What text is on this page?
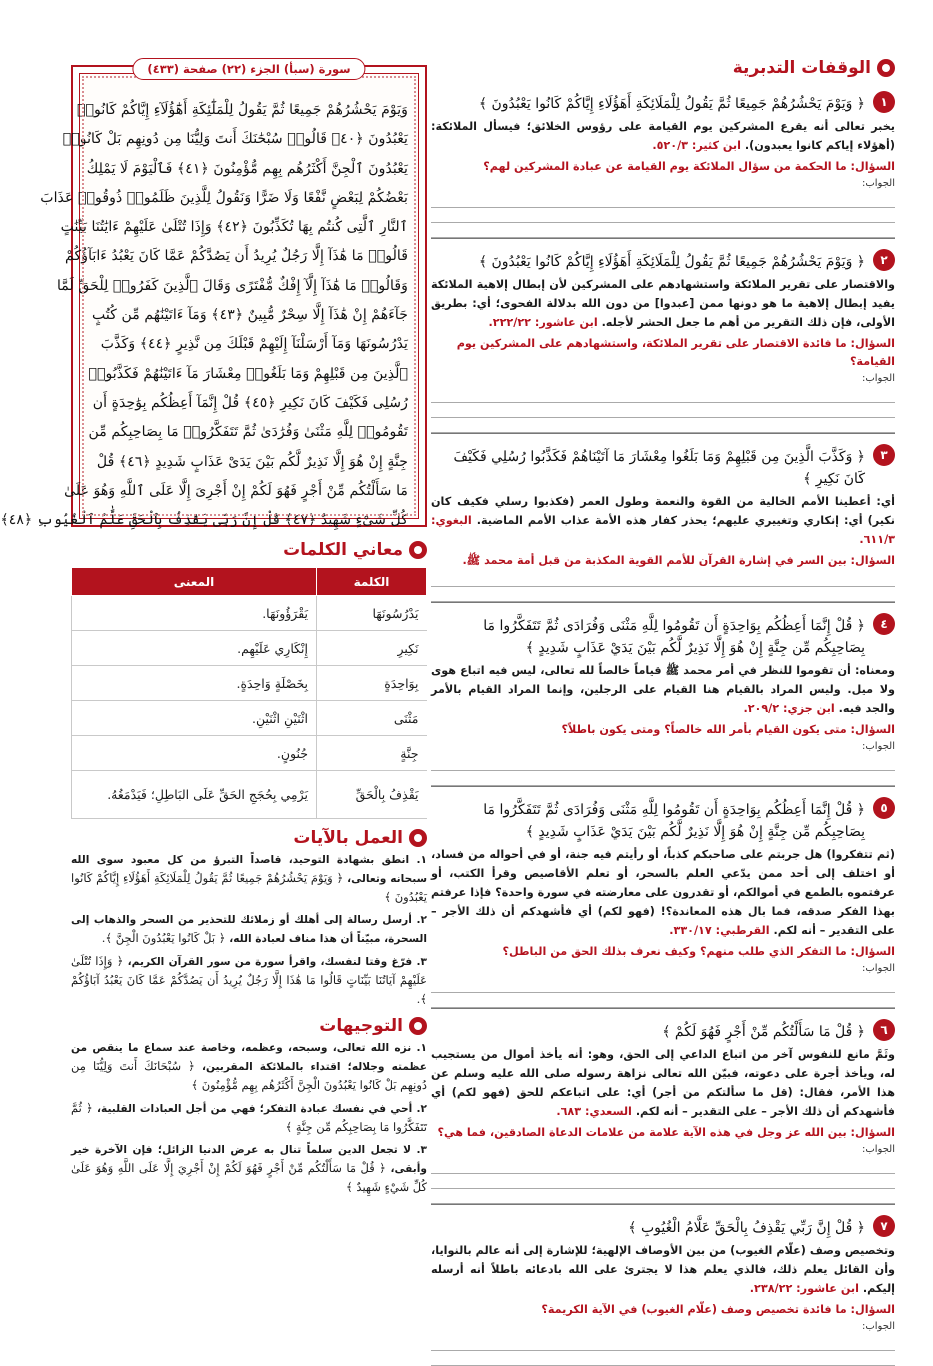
الوقفات التدبرية
١
﴿ وَيَوْمَ يَحْشُرُهُمْ جَمِيعًا ثُمَّ يَقُولُ لِلْمَلَائِكَةِ أَهَؤُلَاءِ إِيَّاكُمْ كَانُوا يَعْبُدُونَ ﴾
يخبر تعالى أنه يقرع المشركين يوم القيامة على رؤوس الخلائق؛ فيسأل الملائكة: (أهؤلاء إياكم كانوا يعبدون). ابن كثير: ٥٢٠/٣.
السؤال: ما الحكمة من سؤال الملائكة يوم القيامة عن عبادة المشركين لهم؟
الجواب:
٢
﴿ وَيَوْمَ يَحْشُرُهُمْ جَمِيعًا ثُمَّ يَقُولُ لِلْمَلَائِكَةِ أَهَؤُلَاءِ إِيَّاكُمْ كَانُوا يَعْبُدُونَ ﴾
والاقتصار على تقرير الملائكة واستشهادهم على المشركين لأن إبطال إلاهية الملائكة يفيد إبطال إلاهية ما هو دونها ممن [عبدوا] من دون الله بدلالة الفحوى؛ أي: بطريق الأولى، فإن ذلك التقرير من أهم ما جعل الحشر لأجله. ابن عاشور: ٢٢٢/٢٢.
السؤال: ما فائدة الاقتصار على تقرير الملائكة، واستشهادهم على المشركين يوم القيامة؟
الجواب:
٣
﴿ وَكَذَّبَ الَّذِينَ مِن قَبْلِهِمْ وَمَا بَلَغُوا مِعْشَارَ مَا آتَيْنَاهُمْ فَكَذَّبُوا رُسُلِي فَكَيْفَ كَانَ نَكِيرِ ﴾
أي: أعطينا الأمم الخالية من القوة والنعمة وطول العمر (فكذبوا رسلي فكيف كان نكير) أي: إنكاري وتغييري عليهم؛ يحذر كفار هذه الأمة عذاب الأمم الماضية. البغوي: ٦١١/٣.
السؤال: بين السر في إشارة القرآن للأمم القوية المكذبة من قبل أمة محمد ﷺ.
٤
﴿ قُلْ إِنَّمَا أَعِظُكُم بِوَاحِدَةٍ أَن تَقُومُوا لِلَّهِ مَثْنَى وَفُرَادَى ثُمَّ تَتَفَكَّرُوا مَا بِصَاحِبِكُم مِّن جِنَّةٍ إِنْ هُوَ إِلَّا نَذِيرٌ لَّكُم بَيْنَ يَدَيْ عَذَابٍ شَدِيدٍ ﴾
ومعناه: أن تقوموا للنظر في أمر محمد ﷺ قياماً خالصاً لله تعالى، ليس فيه اتباع هوى ولا ميل. وليس المراد بالقيام هنا القيام على الرجلين، وإنما المراد القيام بالأمر والجد فيه. ابن جزي: ٢٠٩/٢.
السؤال: متى يكون القيام بأمر الله خالصاً؟ ومتى يكون باطلاً؟
الجواب:
٥
﴿ قُلْ إِنَّمَا أَعِظُكُم بِوَاحِدَةٍ أَن تَقُومُوا لِلَّهِ مَثْنَى وَفُرَادَى ثُمَّ تَتَفَكَّرُوا مَا بِصَاحِبِكُم مِّن جِنَّةٍ إِنْ هُوَ إِلَّا نَذِيرٌ لَّكُم بَيْنَ يَدَيْ عَذَابٍ شَدِيدٍ ﴾
(ثم تتفكروا) هل جربتم على صاحبكم كذباً، أو رأيتم فيه جنة، أو في أحواله من فساد، أو اختلف إلى أحد ممن يدّعي العلم بالسحر، أو تعلم الأقاصيص وقرأ الكتب، أو عرفتموه بالطمع في أموالكم، أو تقدرون على معارضته في سورة واحدة؟ فإذا عرفتم بهذا الفكر صدقه، فما بال هذه المعاندة؟! (فهو لكم) أي فأشهدكم أن ذلك الأجر – على التقدير – أنه لكم. القرطبي: ٣٣٠/١٧.
السؤال: ما التفكر الذي طلب منهم؟ وكيف نعرف بذلك الحق من الباطل؟
الجواب:
٦
﴿ قُلْ مَا سَأَلْتُكُم مِّنْ أَجْرٍ فَهُوَ لَكُمْ ﴾
وثَمَّ مانع للنفوس آخر من اتباع الداعي إلى الحق، وهو: أنه يأخذ أموال من يستجيب له، ويأخذ أجرة على دعوته، فبيّن الله تعالى نزاهة رسوله صلى الله عليه وسلم عن هذا الأمر، فقال: (قل ما سألتكم من أجر) أي: على اتباعكم للحق (فهو لكم) أي فأشهدكم أن ذلك الأجر – على التقدير – أنه لكم. السعدي: ٦٨٣.
السؤال: بين الله عز وجل في هذه الآية علامة من علامات الدعاة الصادقين، فما هي؟
الجواب:
٧
﴿ قُلْ إِنَّ رَبِّي يَقْذِفُ بِالْحَقِّ عَلَّامُ الْغُيُوبِ ﴾
وتخصيص وصف (علّام الغيوب) من بين الأوصاف الإلهية؛ للإشارة إلى أنه عالم بالنوايا، وأن القائل يعلم ذلك، فالذي يعلم هذا لا يجترئ على الله بادعائه باطلاً أنه أرسله إليكم. ابن عاشور: ٢٣٨/٢٢.
السؤال: ما فائدة تخصيص وصف (علّام الغيوب) في الآية الكريمة؟
الجواب:
سورة (سبأ) الجزء (٢٢) صفحة (٤٣٣)
وَيَوْمَ يَحْشُرُهُمْ جَمِيعًا ثُمَّ يَقُولُ لِلْمَلَٰٓئِكَةِ أَهَٰٓؤُلَآءِ إِيَّاكُمْ كَانُوا۟
يَعْبُدُونَ ﴿٤٠﴾ قَالُوا۟ سُبْحَٰنَكَ أَنتَ وَلِيُّنَا مِن دُونِهِم بَلْ كَانُوا۟
يَعْبُدُونَ ٱلْجِنَّ أَكْثَرُهُم بِهِم مُّؤْمِنُونَ ﴿٤١﴾ فَٱلْيَوْمَ لَا يَمْلِكُ
بَعْضُكُمْ لِبَعْضٍ نَّفْعًا وَلَا ضَرًّا وَنَقُولُ لِلَّذِينَ ظَلَمُوا۟ ذُوقُوا۟ عَذَابَ
ٱلنَّارِ ٱلَّتِى كُنتُم بِهَا تُكَذِّبُونَ ﴿٤٢﴾ وَإِذَا تُتْلَىٰ عَلَيْهِمْ ءَايَٰتُنَا بَيِّنَٰتٍ
قَالُوا۟ مَا هَٰذَآ إِلَّا رَجُلٌ يُرِيدُ أَن يَصُدَّكُمْ عَمَّا كَانَ يَعْبُدُ ءَابَآؤُكُمْ
وَقَالُوا۟ مَا هَٰذَآ إِلَّآ إِفْكٌ مُّفْتَرًى وَقَالَ ٱلَّذِينَ كَفَرُوا۟ لِلْحَقِّ لَمَّا
جَآءَهُمْ إِنْ هَٰذَآ إِلَّا سِحْرٌ مُّبِينٌ ﴿٤٣﴾ وَمَآ ءَاتَيْنَٰهُم مِّن كُتُبٍ
يَدْرُسُونَهَا وَمَآ أَرْسَلْنَآ إِلَيْهِمْ قَبْلَكَ مِن نَّذِيرٍ ﴿٤٤﴾ وَكَذَّبَ
ٱلَّذِينَ مِن قَبْلِهِمْ وَمَا بَلَغُوا۟ مِعْشَارَ مَآ ءَاتَيْنَٰهُمْ فَكَذَّبُوا۟
رُسُلِى فَكَيْفَ كَانَ نَكِيرِ ﴿٤٥﴾ قُلْ إِنَّمَآ أَعِظُكُم بِوَٰحِدَةٍ أَن
تَقُومُوا۟ لِلَّهِ مَثْنَىٰ وَفُرَٰدَىٰ ثُمَّ تَتَفَكَّرُوا۟ مَا بِصَاحِبِكُم مِّن
جِنَّةٍ إِنْ هُوَ إِلَّا نَذِيرٌ لَّكُم بَيْنَ يَدَىْ عَذَابٍ شَدِيدٍ ﴿٤٦﴾ قُلْ
مَا سَأَلْتُكُم مِّنْ أَجْرٍ فَهُوَ لَكُمْ إِنْ أَجْرِىَ إِلَّا عَلَى ٱللَّهِ وَهُوَ عَلَىٰ
كُلِّ شَىْءٍ شَهِيدٌ ﴿٤٧﴾ قُلْ إِنَّ رَبِّى يَقْذِفُ بِٱلْحَقِّ عَلَّٰمُ ٱلْغُيُوبِ ﴿٤٨﴾
معاني الكلمات
الكلمة	المعنى
يَدْرُسُونَهَا	يَقْرَؤُونَهَا.
نَكِيرِ	إِنْكَارِي عَلَيْهِم.
بِوَاحِدَةٍ	بِخَصْلَةٍ وَاحِدَةٍ.
مَثْنَى	اثْنَيْنِ اثْنَيْنِ.
جِنَّةٍ	جُنُونٍ.
يَقْذِفُ بِالْحَقِّ	يَرْمِي بِحُجَجِ الحَقِّ عَلَى البَاطِلِ؛ فَيَدْمَغُهُ.
العمل بالآيات

١. انطق بشهادة التوحيد، قاصداً التبرؤ من كل معبود سوى الله سبحانه وتعالى، ﴿ وَيَوْمَ يَحْشُرُهُمْ جَمِيعًا ثُمَّ يَقُولُ لِلْمَلَائِكَةِ أَهَؤُلَاءِ إِيَّاكُمْ كَانُوا يَعْبُدُونَ ﴾

٢. أرسل رسالة إلى أهلك أو زملائك للتحذير من السحر والذهاب إلى السحرة، مبيّناً أن هذا مناف لعبادة الله، ﴿ بَلْ كَانُوا يَعْبُدُونَ الْجِنَّ ﴾.

٣. فرّغ وقتا لنفسك، واقرأ سورة من سور القرآن الكريم، ﴿ وَإِذَا تُتْلَىٰ عَلَيْهِمْ آيَاتُنَا بَيِّنَاتٍ قَالُوا مَا هَٰذَا إِلَّا رَجُلٌ يُرِيدُ أَن يَصُدَّكُمْ عَمَّا كَانَ يَعْبُدُ آبَاؤُكُمْ ﴾.

التوجيهات

١. نزه الله تعالى، وسبحه، وعظمه، وخاصة عند سماع ما ينقص من عظمته وجلاله؛ اقتداء بالملائكة المقربين، ﴿ سُبْحَانَكَ أَنتَ وَلِيُّنَا مِن دُونِهِم بَلْ كَانُوا يَعْبُدُونَ الْجِنَّ أَكْثَرُهُم بِهِم مُّؤْمِنُونَ ﴾

٢. أحي في نفسك عبادة التفكر؛ فهي من أجل العبادات القلبية، ﴿ ثُمَّ تَتَفَكَّرُوا مَا بِصَاحِبِكُم مِّن جِنَّةٍ ﴾

٣. لا تجعل الدين سلماً تنال به عرض الدنيا الزائل؛ فإن الآخرة خير وأبقى، ﴿ قُلْ مَا سَأَلْتُكُم مِّنْ أَجْرٍ فَهُوَ لَكُمْ إِنْ أَجْرِيَ إِلَّا عَلَى اللَّهِ وَهُوَ عَلَىٰ كُلِّ شَيْءٍ شَهِيدٌ ﴾
